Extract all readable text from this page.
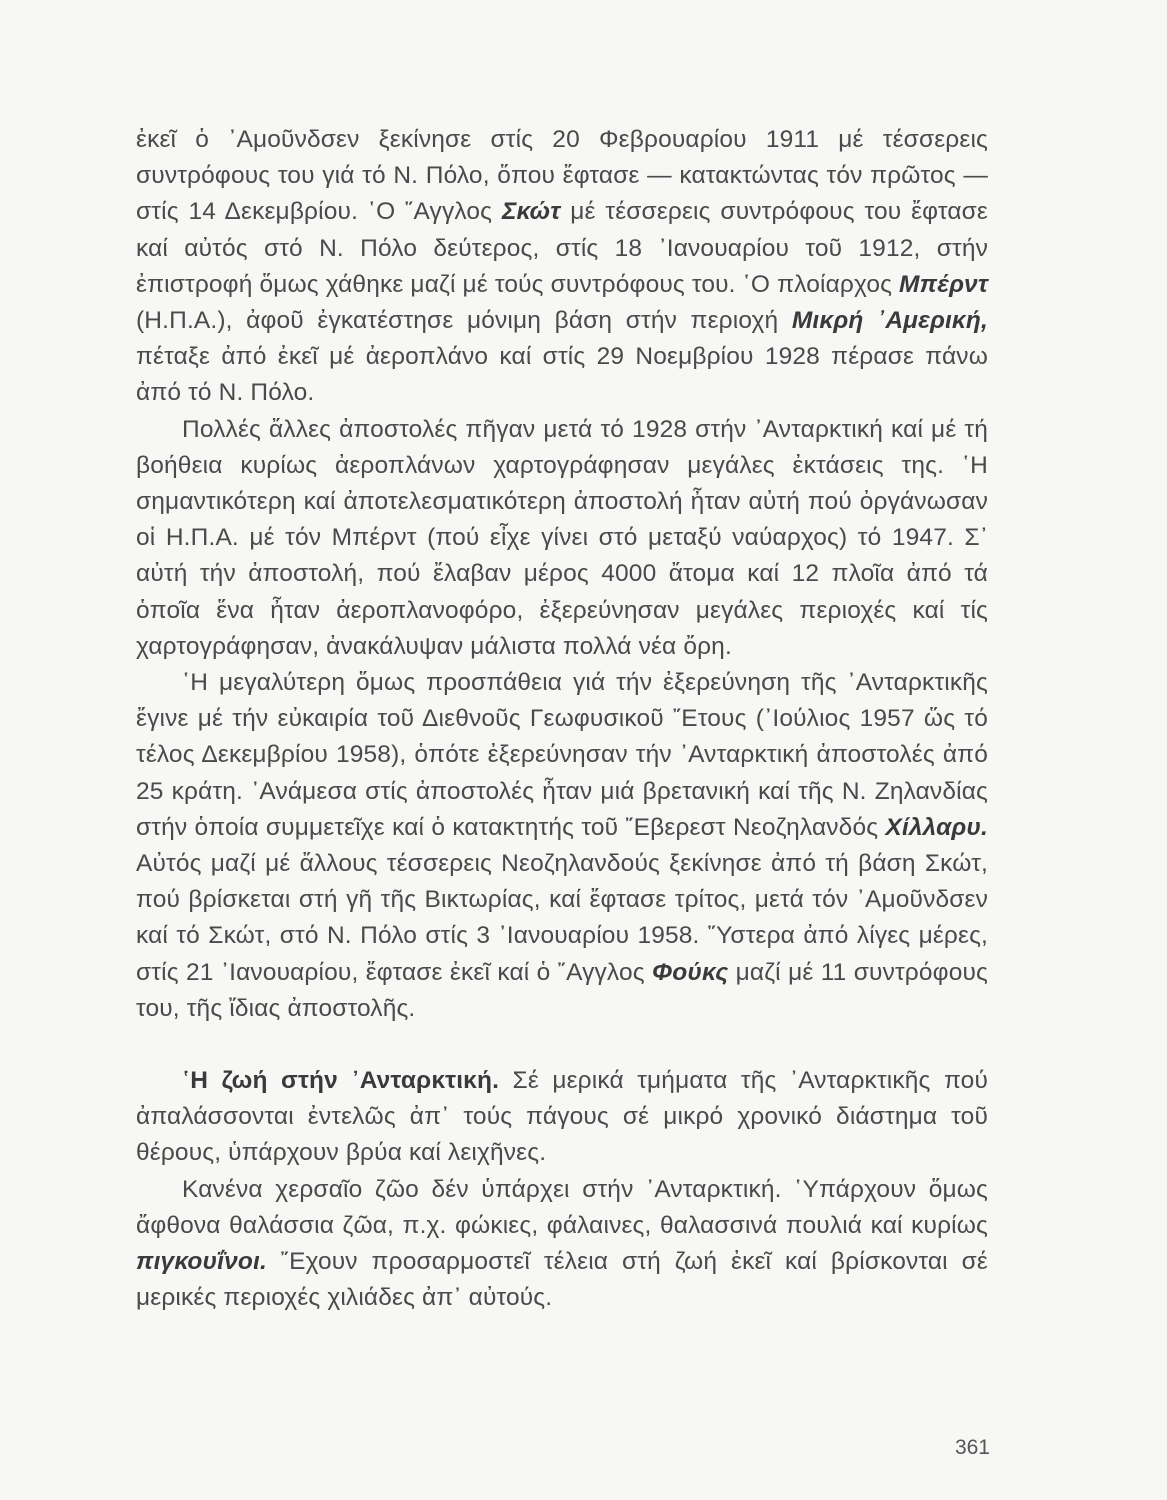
ἐκεῖ ὁ ᾿Αμοῦνδσεν ξεκίνησε στίς 20 Φεβρουαρίου 1911 μέ τέσσερεις συντρόφους του γιά τό Ν. Πόλο, ὅπου ἔφτασε — κατακτώντας τόν πρῶτος — στίς 14 Δεκεμβρίου. ῾Ο ῞Αγγλος Σκώτ μέ τέσσερεις συντρόφους του ἔφτασε καί αὐτός στό Ν. Πόλο δεύτερος, στίς 18 ᾿Ιανουαρίου τοῦ 1912, στήν ἐπιστροφή ὅμως χάθηκε μαζί μέ τούς συντρόφους του. ῾Ο πλοίαρχος Μπέρντ (Η.Π.Α.), ἀφοῦ ἐγκατέστησε μόνιμη βάση στήν περιοχή Μικρή ᾿Αμερική, πέταξε ἀπό ἐκεῖ μέ ἀεροπλάνο καί στίς 29 Νοεμβρίου 1928 πέρασε πάνω ἀπό τό Ν. Πόλο.

Πολλές ἄλλες ἀποστολές πῆγαν μετά τό 1928 στήν ᾿Ανταρκτική καί μέ τή βοήθεια κυρίως ἀεροπλάνων χαρτογράφησαν μεγάλες ἐκτάσεις της. ῾Η σημαντικότερη καί ἀποτελεσματικότερη ἀποστολή ἦταν αὐτή πού ὀργάνωσαν οἱ Η.Π.Α. μέ τόν Μπέρντ (πού εἶχε γίνει στό μεταξύ ναύαρχος) τό 1947. Σ᾿ αὐτή τήν ἀποστολή, πού ἔλαβαν μέρος 4000 ἄτομα καί 12 πλοῖα ἀπό τά ὁποῖα ἕνα ἦταν ἀεροπλανοφόρο, ἐξερεύνησαν μεγάλες περιοχές καί τίς χαρτογράφησαν, ἀνακάλυψαν μάλιστα πολλά νέα ὄρη.

῾Η μεγαλύτερη ὅμως προσπάθεια γιά τήν ἐξερεύνηση τῆς ᾿Ανταρκτικῆς ἔγινε μέ τήν εὐκαιρία τοῦ Διεθνοῦς Γεωφυσικοῦ ῎Ετους (᾿Ιούλιος 1957 ὥς τό τέλος Δεκεμβρίου 1958), ὁπότε ἐξερεύνησαν τήν ᾿Ανταρκτική ἀποστολές ἀπό 25 κράτη. ᾿Ανάμεσα στίς ἀποστολές ἦταν μιά βρετανική καί τῆς Ν. Ζηλανδίας στήν ὁποία συμμετεῖχε καί ὁ κατακτητής τοῦ ῎Εβερεστ Νεοζηλανδός Χίλλαρυ. Αὐτός μαζί μέ ἄλλους τέσσερεις Νεοζηλανδούς ξεκίνησε ἀπό τή βάση Σκώτ, πού βρίσκεται στή γῆ τῆς Βικτωρίας, καί ἔφτασε τρίτος, μετά τόν ᾿Αμοῦνδσεν καί τό Σκώτ, στό Ν. Πόλο στίς 3 ᾿Ιανουαρίου 1958. ῞Υστερα ἀπό λίγες μέρες, στίς 21 ᾿Ιανουαρίου, ἔφτασε ἐκεῖ καί ὁ ῎Αγγλος Φούκς μαζί μέ 11 συντρόφους του, τῆς ἴδιας ἀποστολῆς.

῾Η ζωή στήν ᾿Ανταρκτική. Σέ μερικά τμήματα τῆς ᾿Ανταρκτικῆς πού ἀπαλάσσονται ἐντελῶς ἀπ᾿ τούς πάγους σέ μικρό χρονικό διάστημα τοῦ θέρους, ὑπάρχουν βρύα καί λειχῆνες.

Κανένα χερσαῖο ζῶο δέν ὑπάρχει στήν ᾿Ανταρκτική. ῾Υπάρχουν ὅμως ἄφθονα θαλάσσια ζῶα, π.χ. φώκιες, φάλαινες, θαλασσινά πουλιά καί κυρίως πιγκουΐνοι. ῎Εχουν προσαρμοστεῖ τέλεια στή ζωή ἐκεῖ καί βρίσκονται σέ μερικές περιοχές χιλιάδες ἀπ᾿ αὐτούς.

361
